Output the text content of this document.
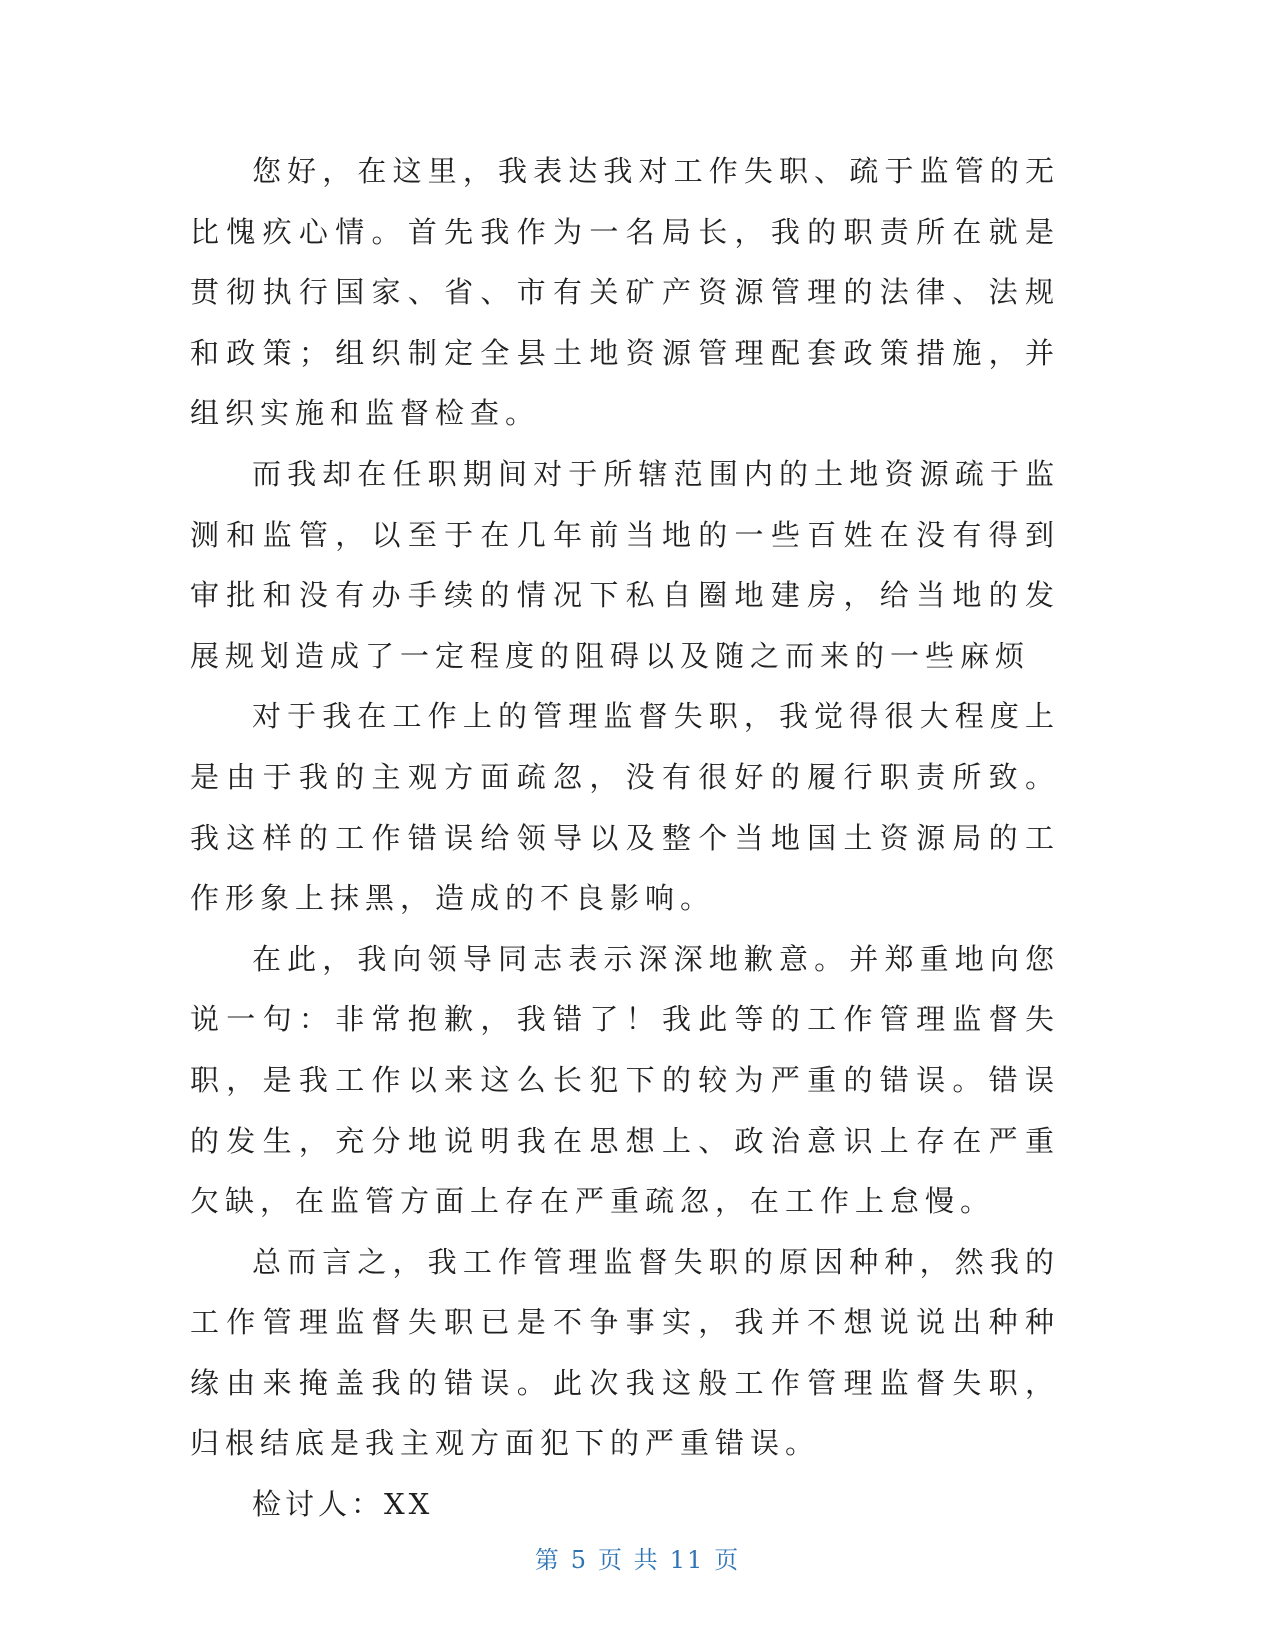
您好，在这里，我表达我对工作失职、疏于监管的无比愧疚心情。首先我作为一名局长，我的职责所在就是贯彻执行国家、省、市有关矿产资源管理的法律、法规和政策；组织制定全县土地资源管理配套政策措施，并组织实施和监督检查。

而我却在任职期间对于所辖范围内的土地资源疏于监测和监管，以至于在几年前当地的一些百姓在没有得到审批和没有办手续的情况下私自圈地建房，给当地的发展规划造成了一定程度的阻碍以及随之而来的一些麻烦

对于我在工作上的管理监督失职，我觉得很大程度上是由于我的主观方面疏忽，没有很好的履行职责所致。我这样的工作错误给领导以及整个当地国土资源局的工作形象上抹黑，造成的不良影响。

在此，我向领导同志表示深深地歉意。并郑重地向您说一句：非常抱歉，我错了！我此等的工作管理监督失职，是我工作以来这么长犯下的较为严重的错误。错误的发生，充分地说明我在思想上、政治意识上存在严重欠缺，在监管方面上存在严重疏忽，在工作上怠慢。

总而言之，我工作管理监督失职的原因种种，然我的工作管理监督失职已是不争事实，我并不想说说出种种缘由来掩盖我的错误。此次我这般工作管理监督失职，归根结底是我主观方面犯下的严重错误。

检讨人：XX

第 5 页 共 11 页
